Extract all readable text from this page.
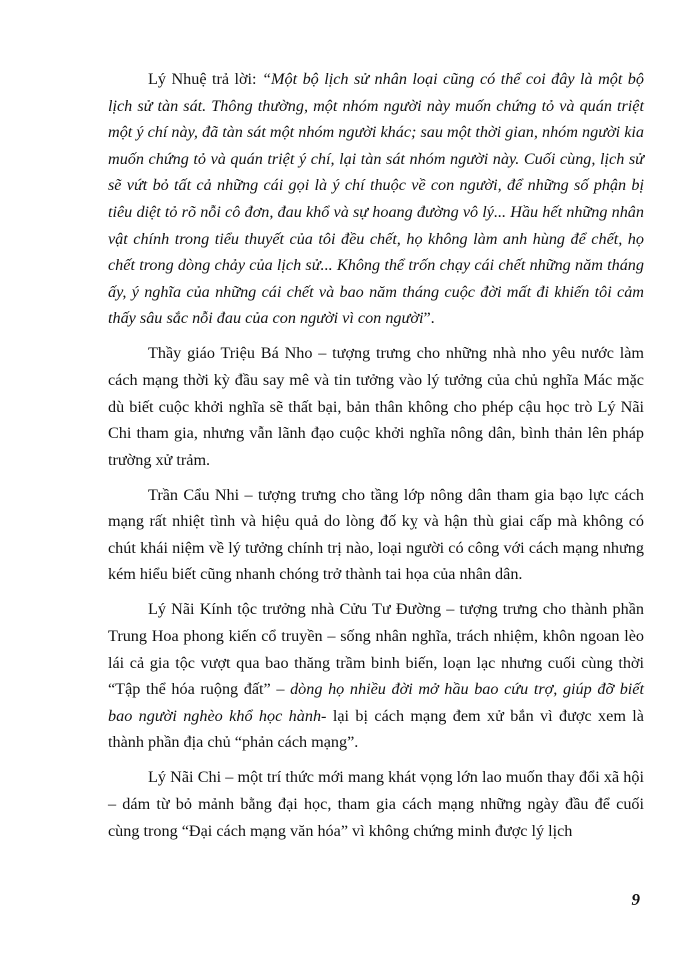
Lý Nhuệ trả lời: “Một bộ lịch sử nhân loại cũng có thể coi đây là một bộ lịch sử tàn sát. Thông thường, một nhóm người này muốn chứng tỏ và quán triệt một ý chí này, đã tàn sát một nhóm người khác; sau một thời gian, nhóm người kia muốn chứng tỏ và quán triệt ý chí, lại tàn sát nhóm người này. Cuối cùng, lịch sử sẽ vứt bỏ tất cả những cái gọi là ý chí thuộc về con người, để những số phận bị tiêu diệt tỏ rõ nỗi cô đơn, đau khổ và sự hoang đường vô lý... Hầu hết những nhân vật chính trong tiểu thuyết của tôi đều chết, họ không làm anh hùng để chết, họ chết trong dòng chảy của lịch sử... Không thể trốn chạy cái chết những năm tháng ấy, ý nghĩa của những cái chết và bao năm tháng cuộc đời mất đi khiến tôi cảm thấy sâu sắc nỗi đau của con người vì con người”.

Thầy giáo Triệu Bá Nho – tượng trưng cho những nhà nho yêu nước làm cách mạng thời kỳ đầu say mê và tin tưởng vào lý tưởng của chủ nghĩa Mác mặc dù biết cuộc khởi nghĩa sẽ thất bại, bản thân không cho phép cậu học trò Lý Nãi Chi tham gia, nhưng vẫn lãnh đạo cuộc khởi nghĩa nông dân, bình thản lên pháp trường xử trảm.

Trần Cẩu Nhi – tượng trưng cho tầng lớp nông dân tham gia bạo lực cách mạng rất nhiệt tình và hiệu quả do lòng đố kỵ và hận thù giai cấp mà không có chút khái niệm về lý tưởng chính trị nào, loại người có công với cách mạng nhưng kém hiểu biết cũng nhanh chóng trở thành tai họa của nhân dân.

Lý Nãi Kính tộc trưởng nhà Cửu Tư Đường – tượng trưng cho thành phần Trung Hoa phong kiến cổ truyền – sống nhân nghĩa, trách nhiệm, khôn ngoan lèo lái cả gia tộc vượt qua bao thăng trầm binh biến, loạn lạc nhưng cuối cùng thời “Tập thể hóa ruộng đất” – dòng họ nhiều đời mở hầu bao cứu trợ, giúp đỡ biết bao người nghèo khổ học hành- lại bị cách mạng đem xử bắn vì được xem là thành phần địa chủ “phản cách mạng”.

Lý Nãi Chi – một trí thức mới mang khát vọng lớn lao muốn thay đổi xã hội – dám từ bỏ mảnh bằng đại học, tham gia cách mạng những ngày đầu để cuối cùng trong “Đại cách mạng văn hóa” vì không chứng minh được lý lịch

9
